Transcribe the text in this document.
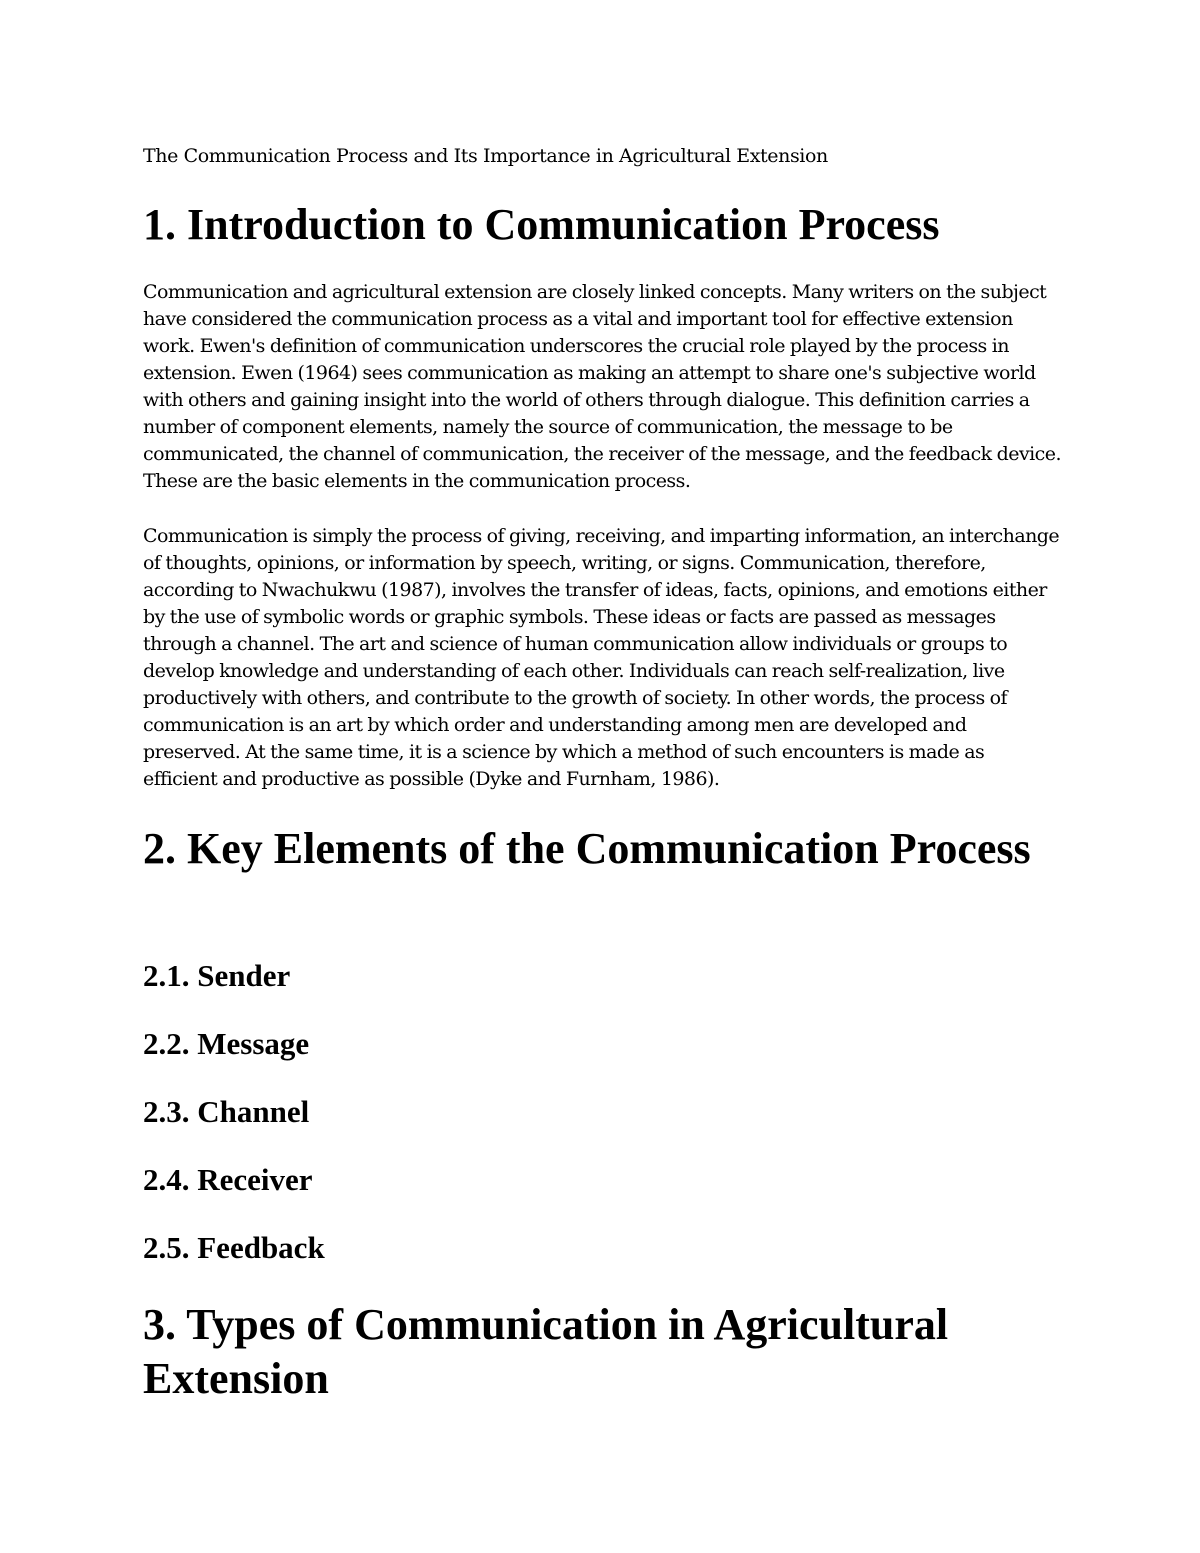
The Communication Process and Its Importance in Agricultural Extension

1. Introduction to Communication Process

Communication and agricultural extension are closely linked concepts. Many writers on the subject have considered the communication process as a vital and important tool for effective extension work. Ewen's definition of communication underscores the crucial role played by the process in extension. Ewen (1964) sees communication as making an attempt to share one's subjective world with others and gaining insight into the world of others through dialogue. This definition carries a number of component elements, namely the source of communication, the message to be communicated, the channel of communication, the receiver of the message, and the feedback device. These are the basic elements in the communication process.

Communication is simply the process of giving, receiving, and imparting information, an interchange of thoughts, opinions, or information by speech, writing, or signs. Communication, therefore, according to Nwachukwu (1987), involves the transfer of ideas, facts, opinions, and emotions either by the use of symbolic words or graphic symbols. These ideas or facts are passed as messages through a channel. The art and science of human communication allow individuals or groups to develop knowledge and understanding of each other. Individuals can reach self-realization, live productively with others, and contribute to the growth of society. In other words, the process of communication is an art by which order and understanding among men are developed and preserved. At the same time, it is a science by which a method of such encounters is made as efficient and productive as possible (Dyke and Furnham, 1986).

2. Key Elements of the Communication Process
2.1. Sender
2.2. Message
2.3. Channel
2.4. Receiver
2.5. Feedback
3. Types of Communication in Agricultural Extension
